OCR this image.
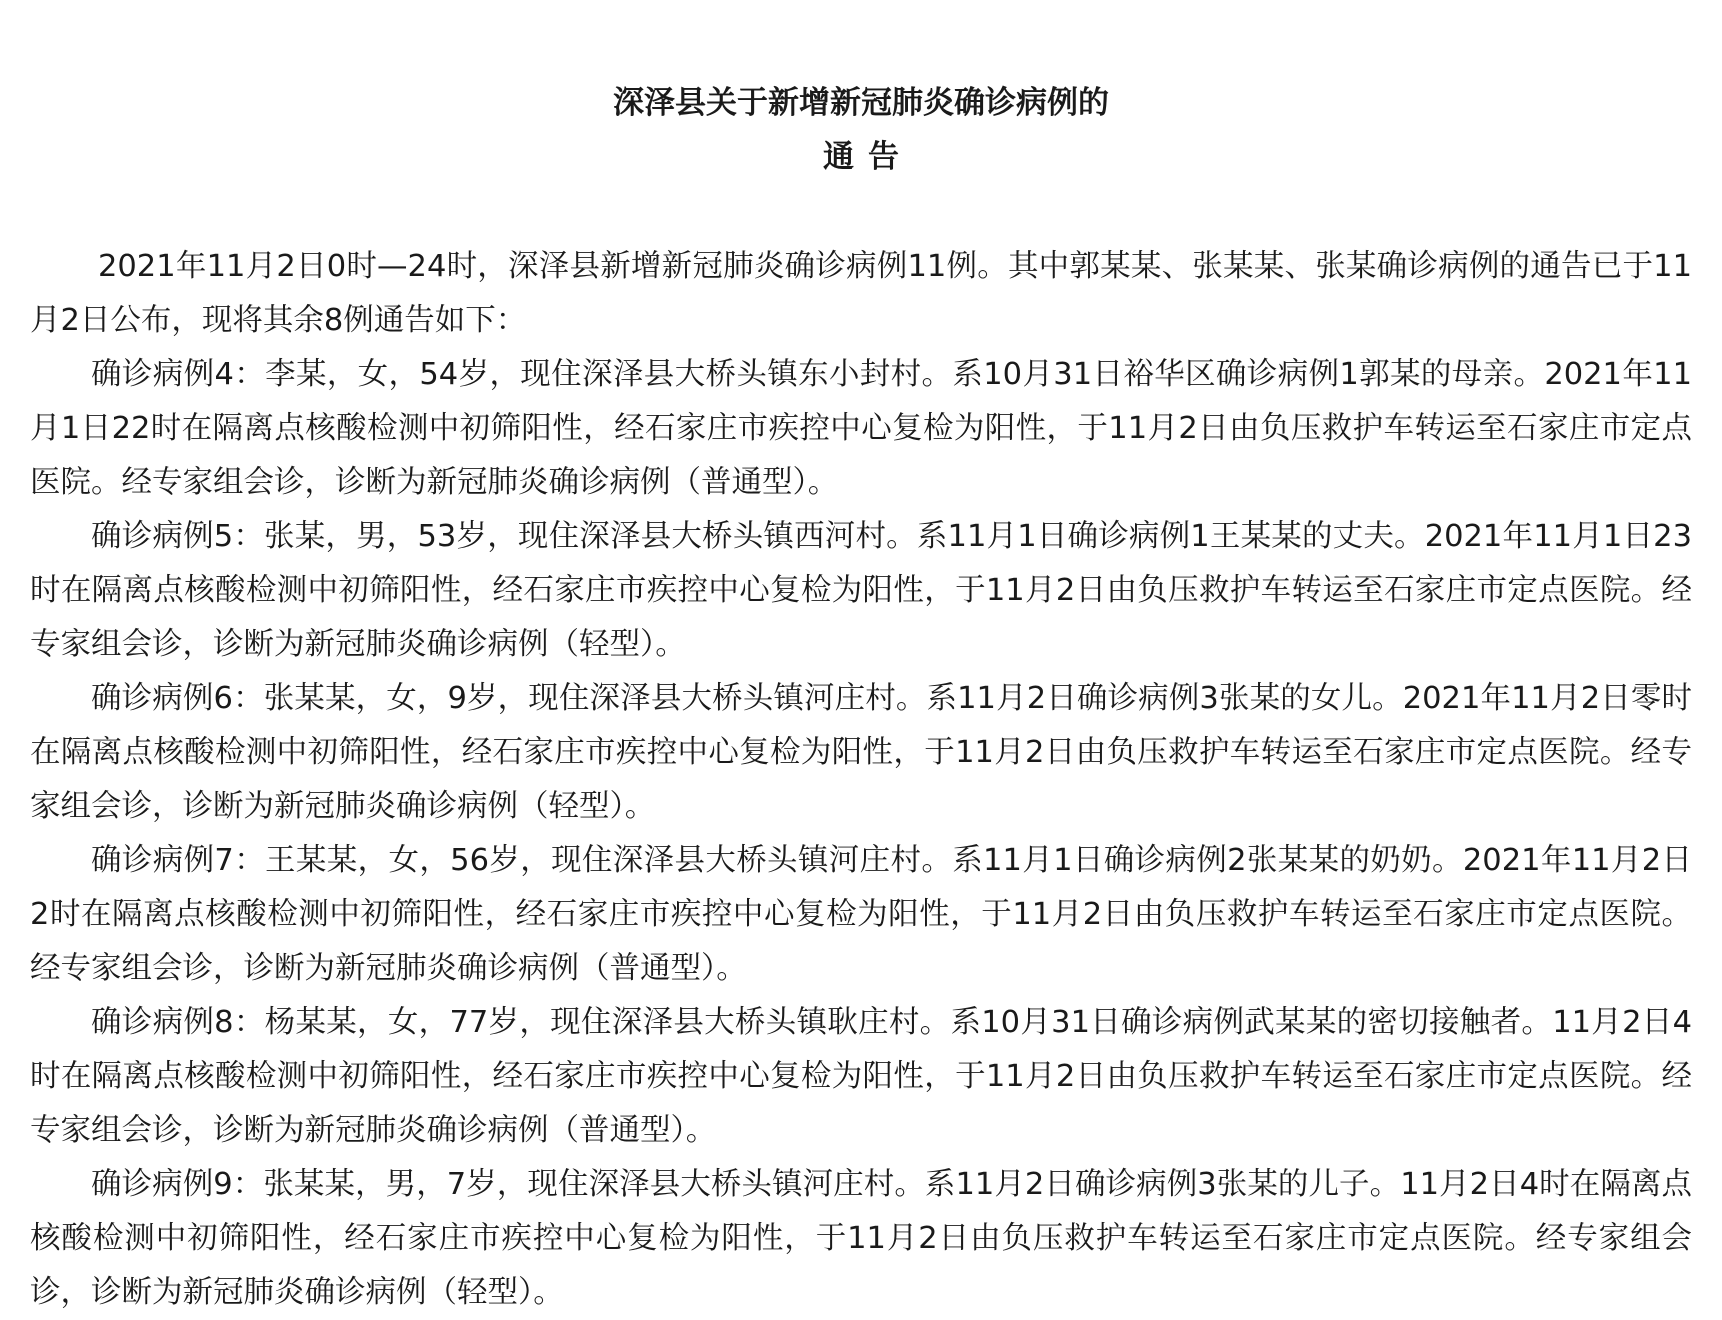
深泽县关于新增新冠肺炎确诊病例的
通告

2021年11月2日0时—24时，深泽县新增新冠肺炎确诊病例11例。其中郭某某、张某某、张某确诊病例的通告已于11月2日公布，现将其余8例通告如下：

确诊病例4：李某，女，54岁，现住深泽县大桥头镇东小封村。系10月31日裕华区确诊病例1郭某的母亲。2021年11月1日22时在隔离点核酸检测中初筛阳性，经石家庄市疾控中心复检为阳性，于11月2日由负压救护车转运至石家庄市定点医院。经专家组会诊，诊断为新冠肺炎确诊病例（普通型）。

确诊病例5：张某，男，53岁，现住深泽县大桥头镇西河村。系11月1日确诊病例1王某某的丈夫。2021年11月1日23时在隔离点核酸检测中初筛阳性，经石家庄市疾控中心复检为阳性，于11月2日由负压救护车转运至石家庄市定点医院。经专家组会诊，诊断为新冠肺炎确诊病例（轻型）。

确诊病例6：张某某，女，9岁，现住深泽县大桥头镇河庄村。系11月2日确诊病例3张某的女儿。2021年11月2日零时在隔离点核酸检测中初筛阳性，经石家庄市疾控中心复检为阳性，于11月2日由负压救护车转运至石家庄市定点医院。经专家组会诊，诊断为新冠肺炎确诊病例（轻型）。

确诊病例7：王某某，女，56岁，现住深泽县大桥头镇河庄村。系11月1日确诊病例2张某某的奶奶。2021年11月2日2时在隔离点核酸检测中初筛阳性，经石家庄市疾控中心复检为阳性，于11月2日由负压救护车转运至石家庄市定点医院。经专家组会诊，诊断为新冠肺炎确诊病例（普通型）。

确诊病例8：杨某某，女，77岁，现住深泽县大桥头镇耿庄村。系10月31日确诊病例武某某的密切接触者。11月2日4时在隔离点核酸检测中初筛阳性，经石家庄市疾控中心复检为阳性，于11月2日由负压救护车转运至石家庄市定点医院。经专家组会诊，诊断为新冠肺炎确诊病例（普通型）。

确诊病例9：张某某，男，7岁，现住深泽县大桥头镇河庄村。系11月2日确诊病例3张某的儿子。11月2日4时在隔离点核酸检测中初筛阳性，经石家庄市疾控中心复检为阳性，于11月2日由负压救护车转运至石家庄市定点医院。经专家组会诊，诊断为新冠肺炎确诊病例（轻型）。
